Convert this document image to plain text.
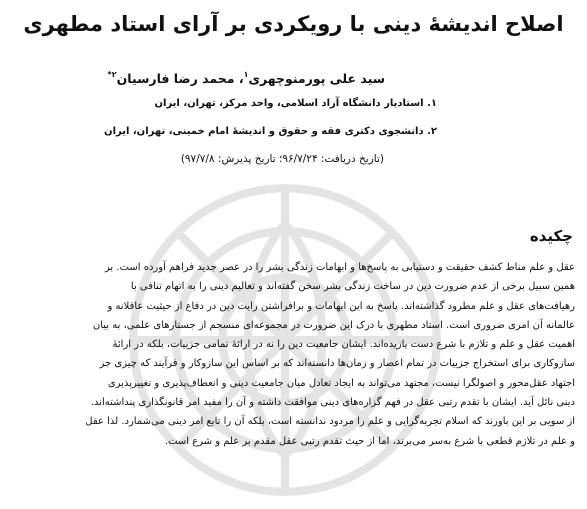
اصلاح اندیشهٔ دینی با رویکردی بر آرای استاد مطهری
سید علی پورمنوچهری$^۱$، محمد رضا فارسیان$^{۲*}$
۱. استادیار دانشگاه آزاد اسلامی، واحد مرکز، تهران، ایران
۲. دانشجوی دکتری فقه و حقوق و اندیشهٔ امام خمینی، تهران، ایران
(تاریخ دریافت: ۹۶/۷/۲۴؛ تاریخ پذیرش: ۹۷/۷/۸)
چکیده
عقل و علم مناط کشف حقیقت و دستیابی به پاسخ‌ها و ابهامات زندگی بشر را در عصر جدید فراهم آورده است. بر
همین سبیل برخی از عدم ضرورت دین در ساخت زندگی بشر سخن گفته‌اند و تعالیم دینی را به اتهام تنافی با
رهیافت‌های عقل و علم مطرود گذاشته‌اند. پاسخ به این ابهامات و برافراشتن رایت دین در دفاع از حیثیت عاقلانه و
عالمانه آن امری ضروری است. استاد مطهری با درک این ضرورت در مجموعه‌ای منسجم از جستارهای علمی، به بیان
اهمیت عقل و علم و تلازم با شرع دست یازیده‌اند. ایشان جامعیت دین را نه در ارائهٔ تمامی جزییات، بلکه در ارائهٔ
سازوکاری برای استخراج جزییات در تمام اعصار و زمان‌ها دانسته‌اند که بر اساس این سازوکار و فرآیند که چیزی جز
اجتهاد عقل‌محور و اصولگرا نیست، مجتهد می‌تواند به ایجاد تعادل میان جامعیت دینی و انعطاف‌پذیری و تغییرپذیری
دینی نائل آید. ایشان با تقدم رتبی عقل در فهم گزاره‌های دینی موافقت داشته و آن را مفید امر قانونگذاری پنداشته‌اند.
از سویی بر این باورند که اسلام تجربه‌گرایی و علم را مردود ندانسته است، بلکه آن را تابع امر دینی می‌شمارد. لذا عقل
و علم در تلازم قطعی با شرع به‌سر می‌برند، اما از حیث تقدم رتبی عقل مقدم بر علم و شرع است.
